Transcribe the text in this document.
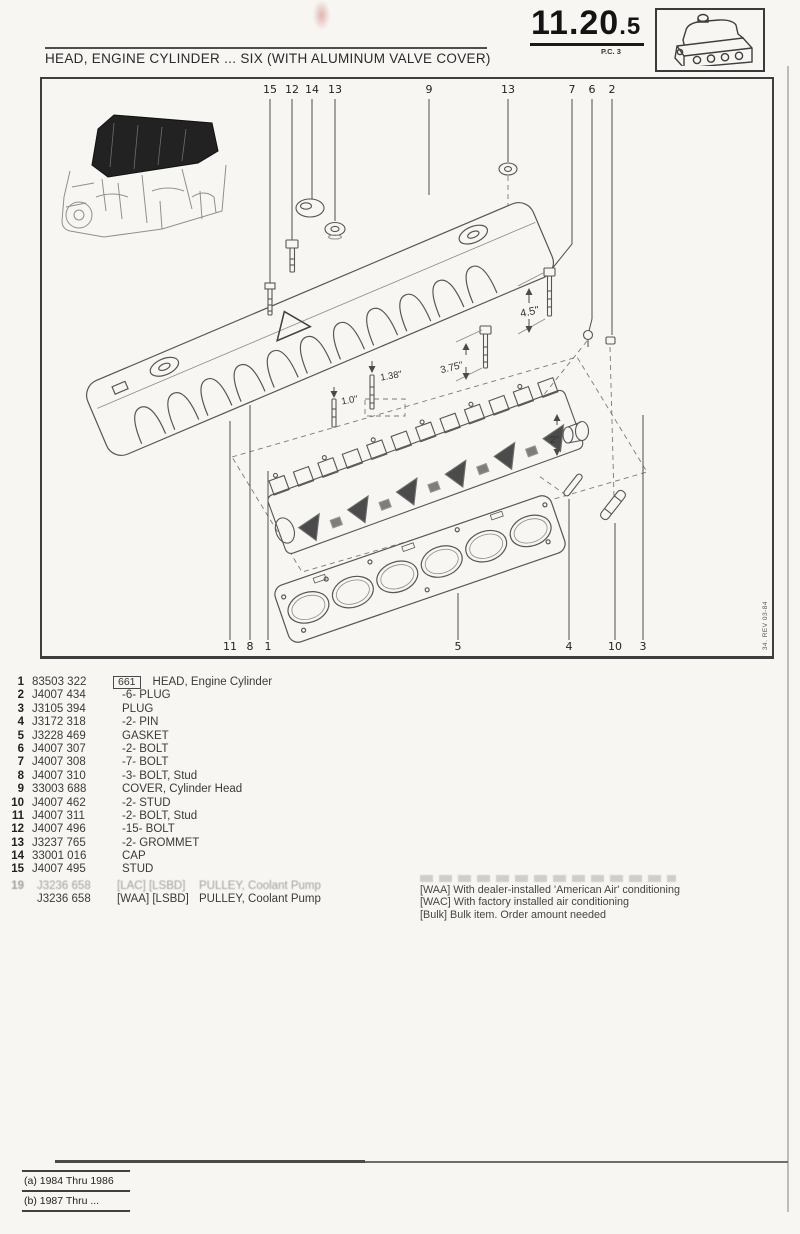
11.20.5
P.C. 3
HEAD, ENGINE CYLINDER ... SIX (WITH ALUMINUM VALVE COVER)
15 12 14 13	9	13	7	6	2
11 8	1	5	4	10	3	34. REV 03-84
4.5"
3.75"
1.38"
1.0"
2"
1 83503 322	661 HEAD, Engine Cylinder
2 J4007 434	-6- PLUG
3 J3105 394	PLUG
4 J3172 318	-2- PIN
5 J3228 469	GASKET
6 J4007 307	-2- BOLT
7 J4007 308	-7- BOLT
8 J4007 310	-3- BOLT, Stud
9 33003 688	COVER, Cylinder Head
10 J4007 462	-2- STUD
11 J4007 311	-2- BOLT, Stud
12 J4007 496	-15- BOLT
13 J3237 765	-2- GROMMET
14 33001 016	CAP
15 J4007 495	STUD
19 J3236 658	[LAC] [LSBD]	PULLEY, Coolant Pump
J3236 658	[WAA] [LSBD] PULLEY, Coolant Pump
[WAA] With dealer-installed 'American Air' conditioning
[WAC] With factory installed air conditioning
[Bulk] Bulk item. Order amount needed
(a) 1984 Thru 1986
(b) 1987 Thru ...
